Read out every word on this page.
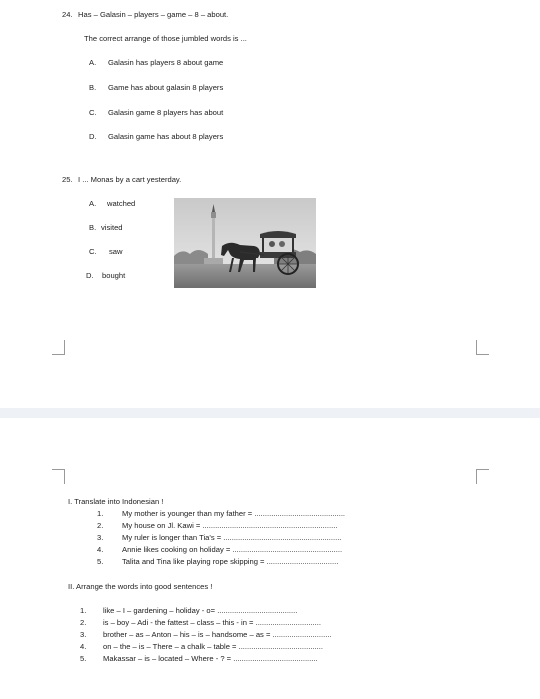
24. Has – Galasin – players – game – 8 – about.
The correct arrange of those jumbled words is ...
A. Galasin has players 8 about game
B. Game has about galasin 8 players
C. Galasin game 8 players has about
D. Galasin game has about 8 players
25. I ... Monas by a cart yesterday.
A. watched
B. visited
C. saw
D. bought
I. Translate into Indonesian !
1. My mother is younger than my father = ...........................................
2. My house on Jl. Kawi = ................................................................
3. My ruler is longer than Tia's = ........................................................
4. Annie likes cooking on holiday = ....................................................
5. Talita and Tina like playing rope skipping = ..................................
II. Arrange the words into good sentences !
1. like – I – gardening – holiday - o= ......................................
2. is – boy – Adi - the fattest – class – this - in = ...............................
3. brother – as – Anton – his – is – handsome – as = ............................
4. on – the – is – There – a chalk – table = ........................................
5. Makassar – is – located – Where - ? = ........................................
